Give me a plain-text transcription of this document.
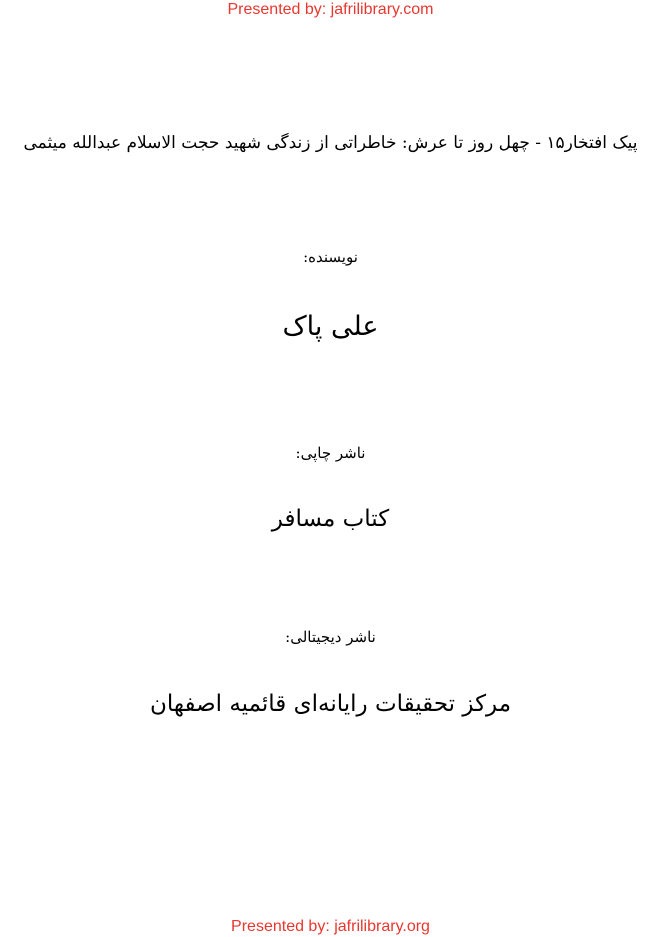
Presented by: jafrilibrary.com
پیک افتخار۱۵ - چهل روز تا عرش: خاطراتی از زندگی شهید حجت الاسلام عبدالله میثمی
نویسنده:
علی پاک
ناشر چاپی:
کتاب مسافر
ناشر دیجیتالی:
مرکز تحقیقات رایانه‌ای قائمیه اصفهان
Presented by: jafrilibrary.org
